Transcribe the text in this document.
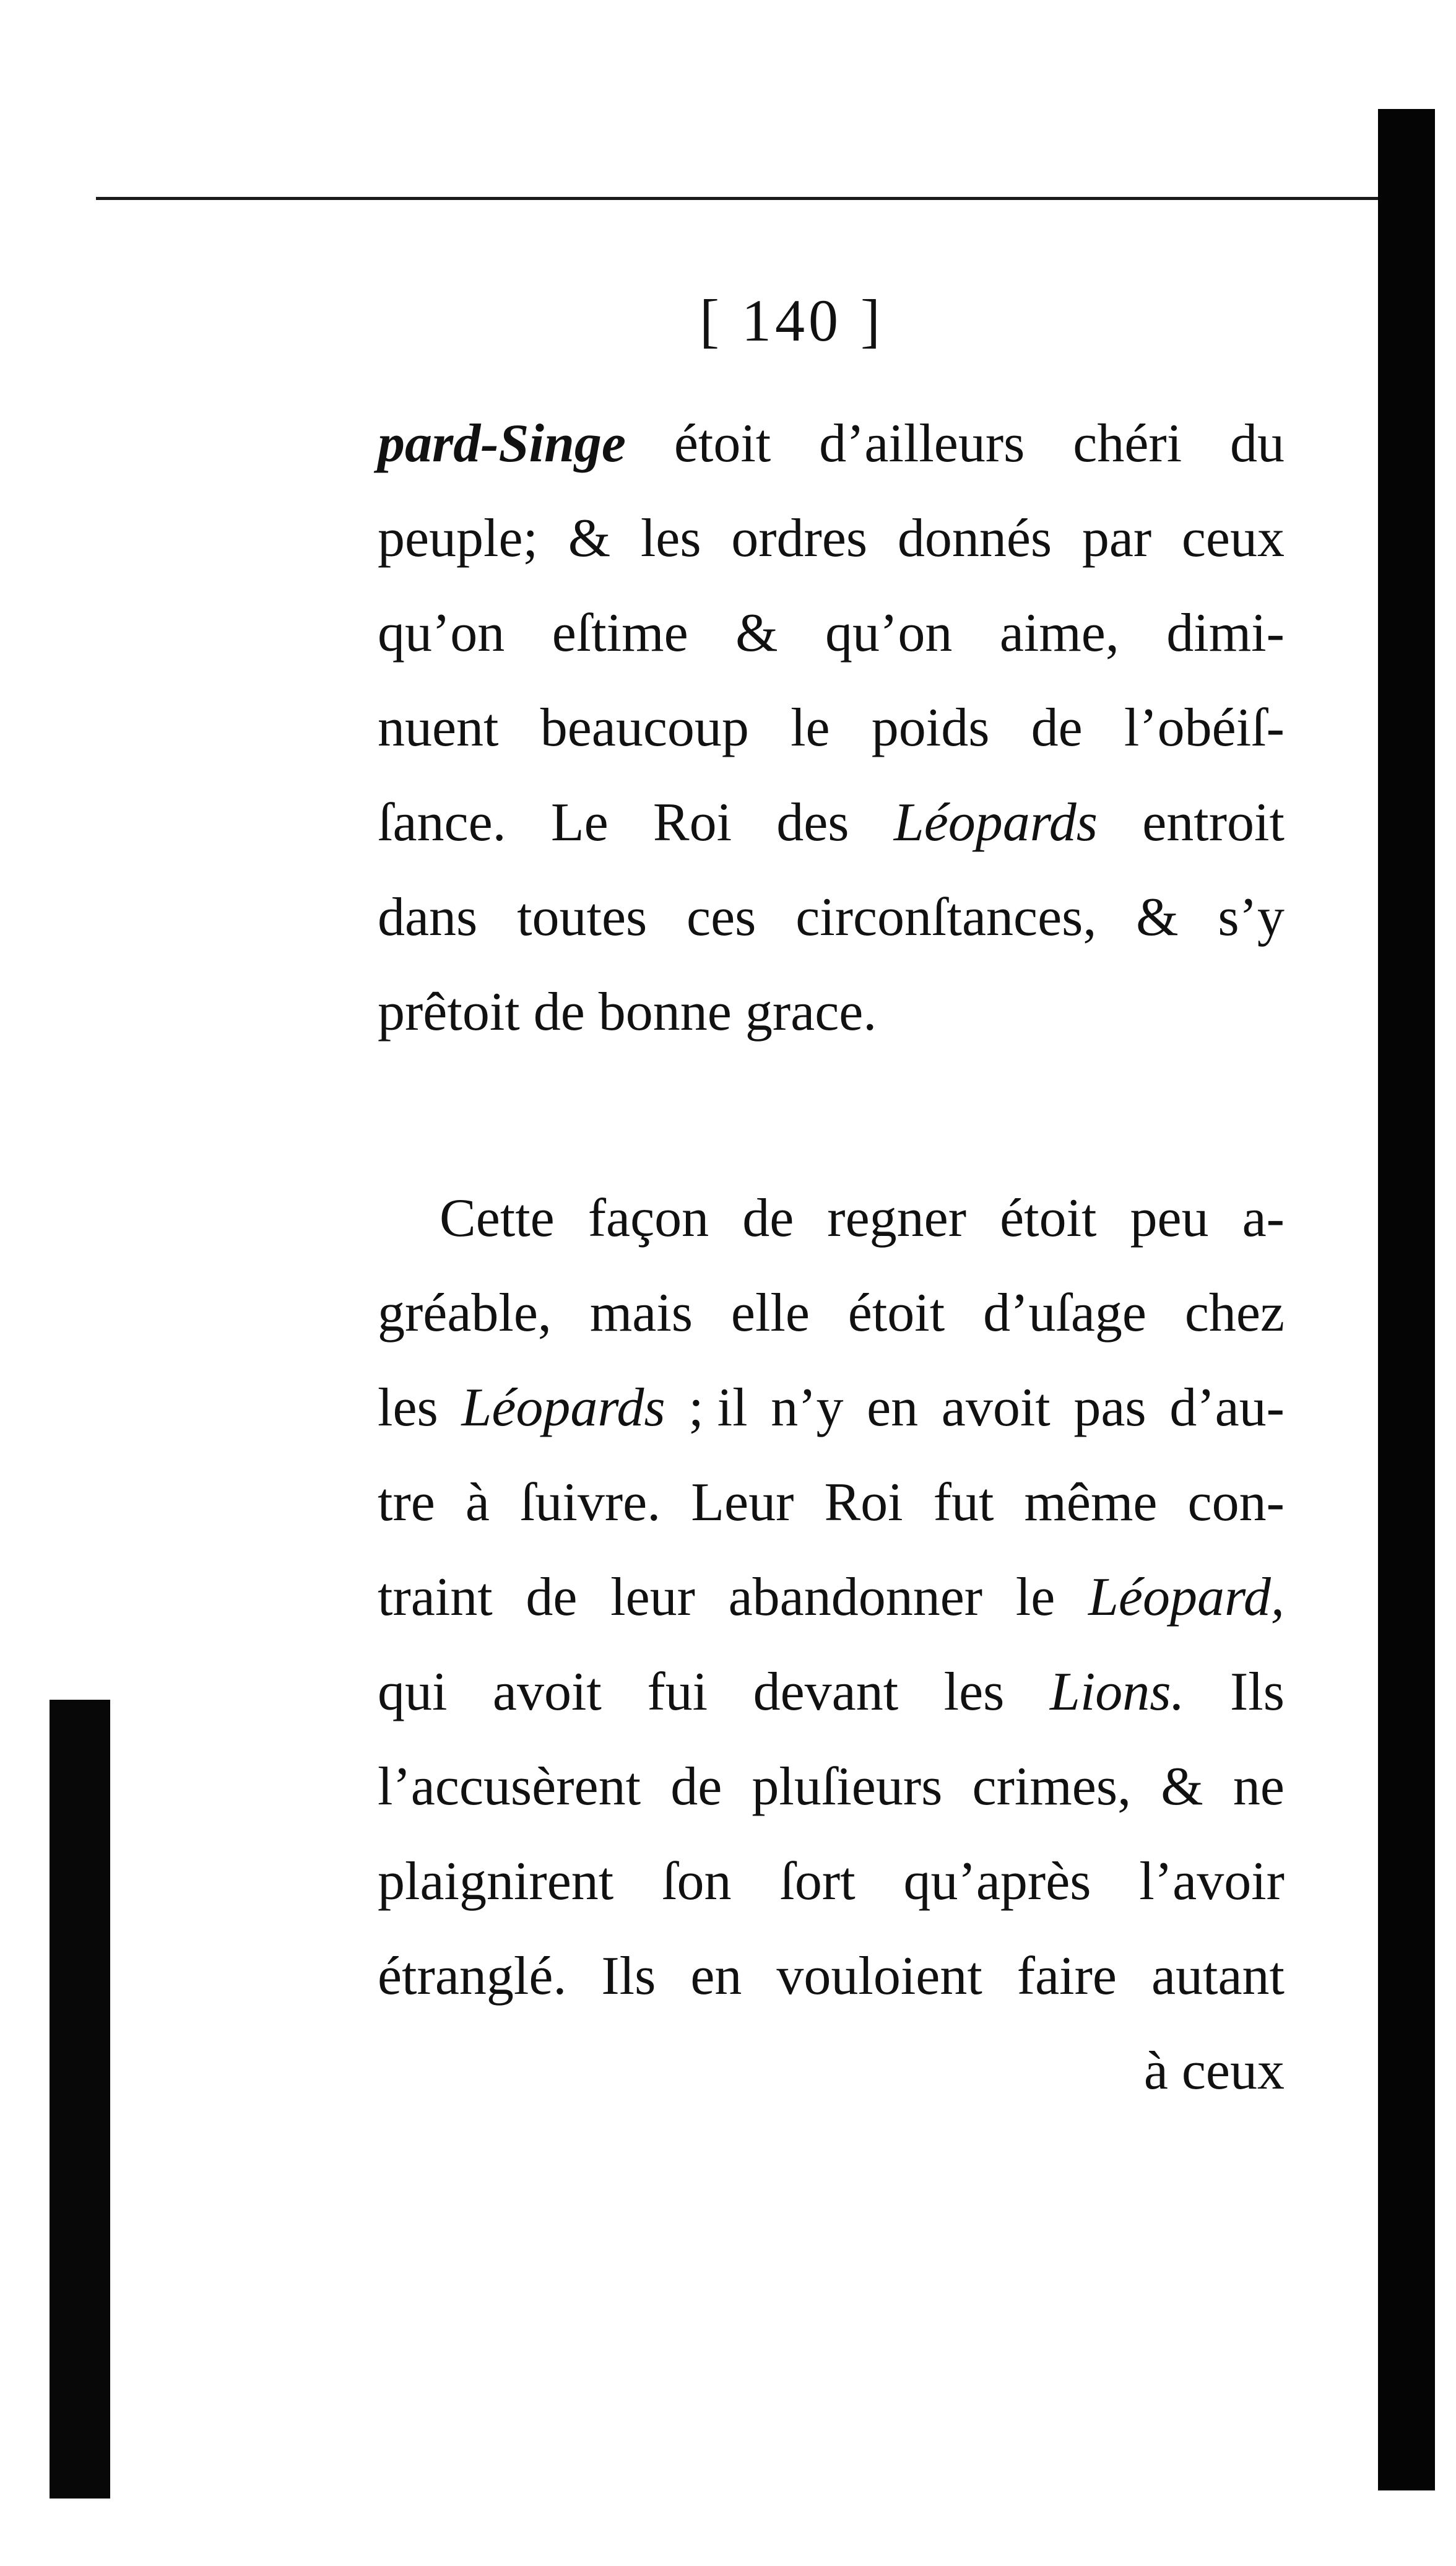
[ 140 ]
pard-Singe étoit d’ailleurs chéri du
peuple; & les ordres donnés par ceux
qu’on eſtime & qu’on aime, dimi-
nuent beaucoup le poids de l’obéiſ-
ſance. Le Roi des Léopards entroit
dans toutes ces circonſtances, & s’y
prêtoit de bonne grace.
Cette façon de regner étoit peu a-
gréable, mais elle étoit d’uſage chez
les Léopards ; il n’y en avoit pas d’au-
tre à ſuivre. Leur Roi fut même con-
traint de leur abandonner le Léopard,
qui avoit fui devant les Lions. Ils
l’accusèrent de pluſieurs crimes, & ne
plaignirent ſon ſort qu’après l’avoir
étranglé. Ils en vouloient faire autant
à ceux
